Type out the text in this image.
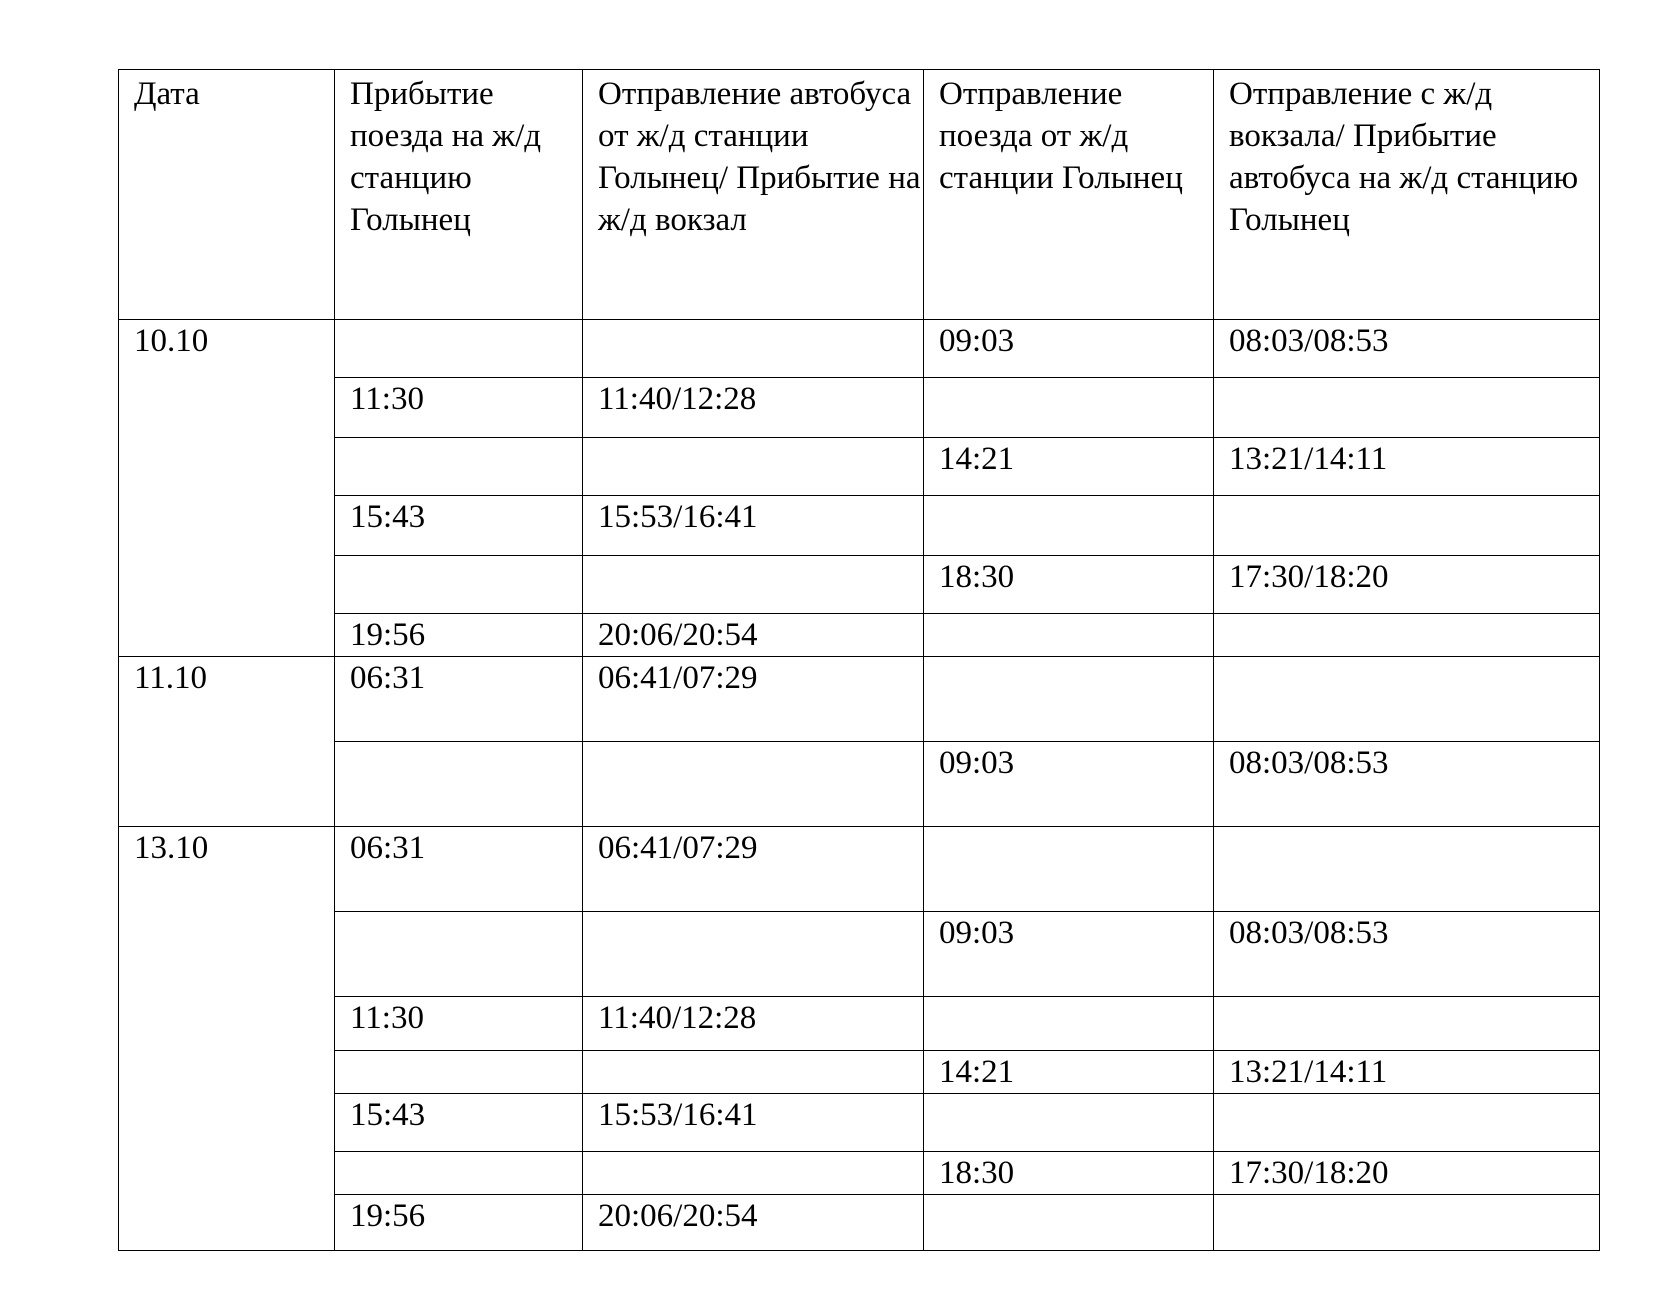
Дата	Прибытие поезда на ж/д станцию Голынец	Отправление автобуса от ж/д станции Голынец/ Прибытие на ж/д вокзал	Отправление поезда от ж/д станции Голынец	Отправление с ж/д вокзала/ Прибытие автобуса на ж/д станцию Голынец
10.10			09:03	08:03/08:53
	11:30	11:40/12:28		
			14:21	13:21/14:11
	15:43	15:53/16:41		
			18:30	17:30/18:20
	19:56	20:06/20:54		
11.10	06:31	06:41/07:29		
			09:03	08:03/08:53
13.10	06:31	06:41/07:29		
			09:03	08:03/08:53
	11:30	11:40/12:28		
			14:21	13:21/14:11
	15:43	15:53/16:41		
			18:30	17:30/18:20
	19:56	20:06/20:54		
